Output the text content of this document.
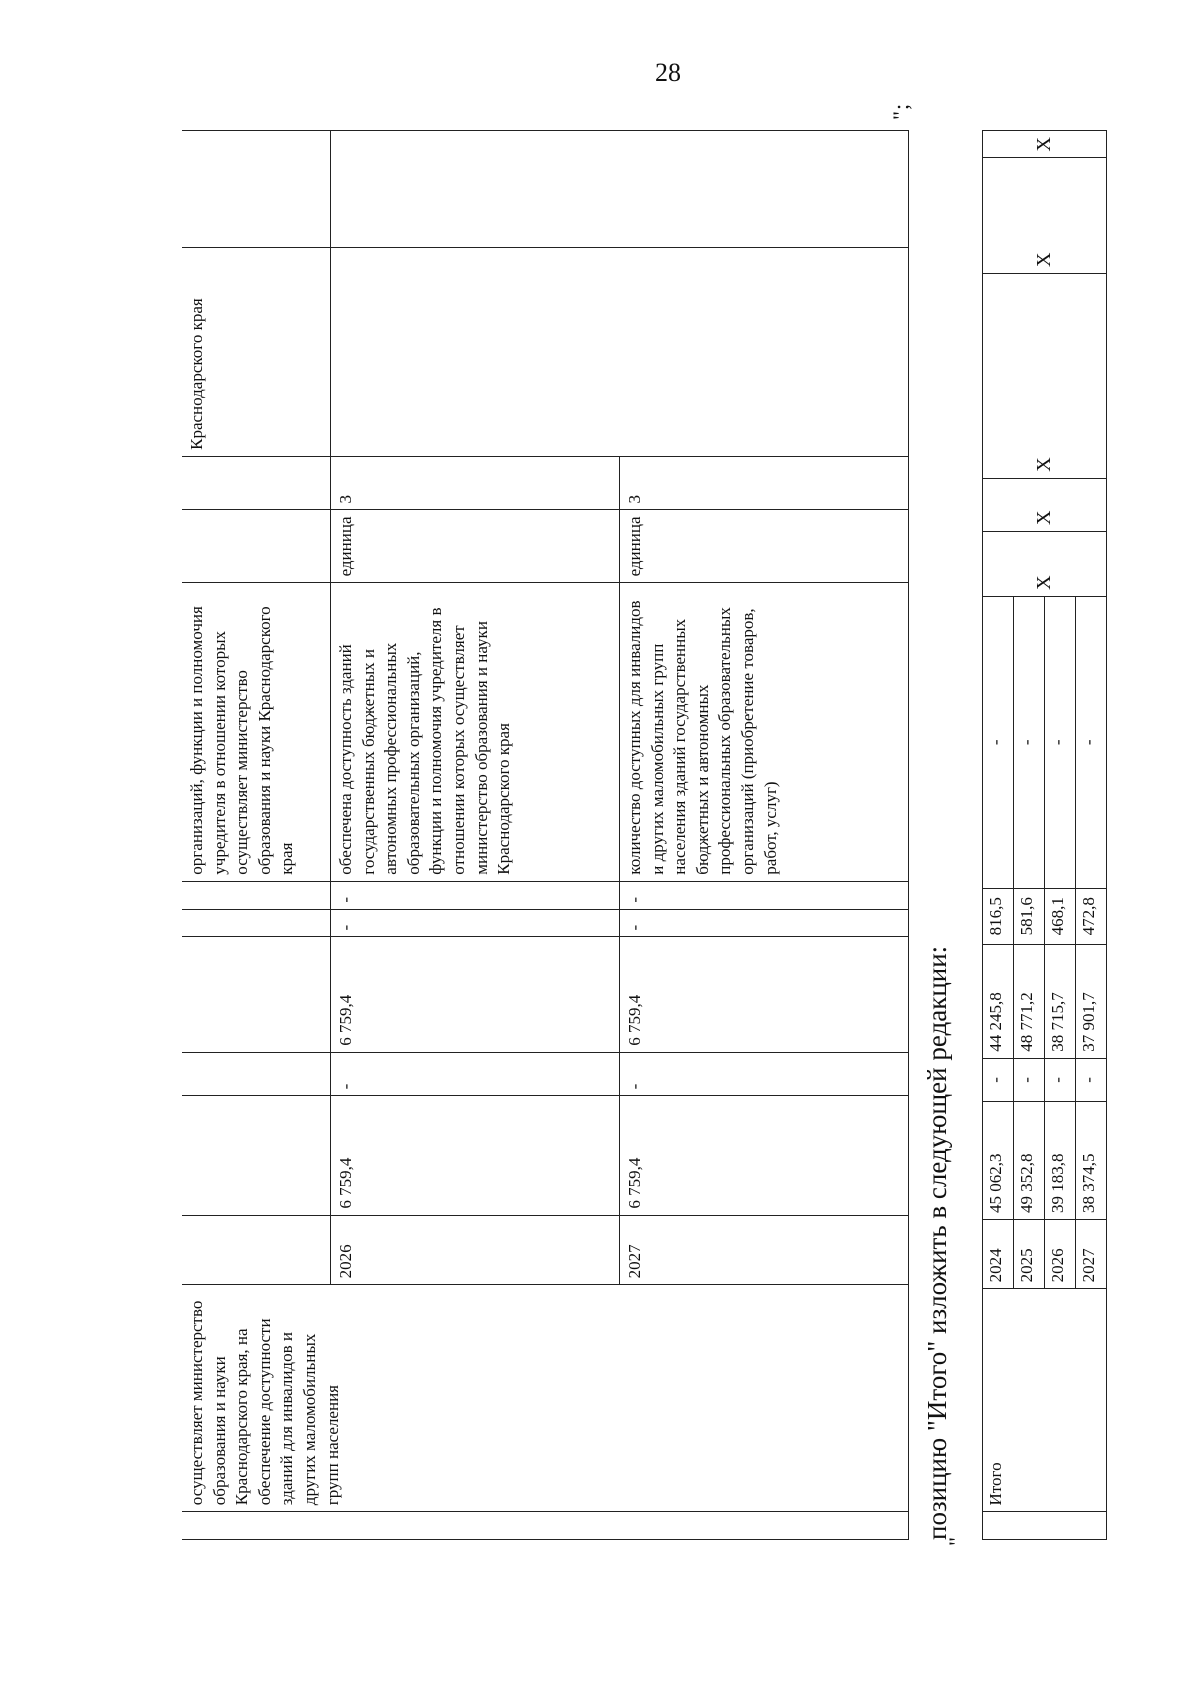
28
	осуществляет министерство образования и науки Краснодарского края, на обеспечение доступности зданий для инвалидов и других маломобильных групп населения							организаций, функции и полномочия учредителя в отношении которых осуществляет министерство образования и науки Краснодарского края			Краснодарского края	
		2026	6 759,4	-	6 759,4	-	-	обеспечена доступность зданий государственных бюджетных и автономных профессиональных образовательных организаций, функции и полномочия учредителя в отношении которых осуществляет министерство образования и науки Краснодарского края	единица	3		
		2027	6 759,4	-	6 759,4	-	-	количество доступных для инвалидов и других маломобильных групп населения зданий государственных бюджетных и автономных профессиональных образовательных организаций (приобретение товаров, работ, услуг)	единица	3		
";
"
позицию "Итого" изложить в следующей редакции:
	Итого	2024	45 062,3	-	44 245,8	816,5	-	X	X	X	X	X
		2025	49 352,8	-	48 771,2	581,6	-					
		2026	39 183,8	-	38 715,7	468,1	-					
		2027	38 374,5	-	37 901,7	472,8	-					
